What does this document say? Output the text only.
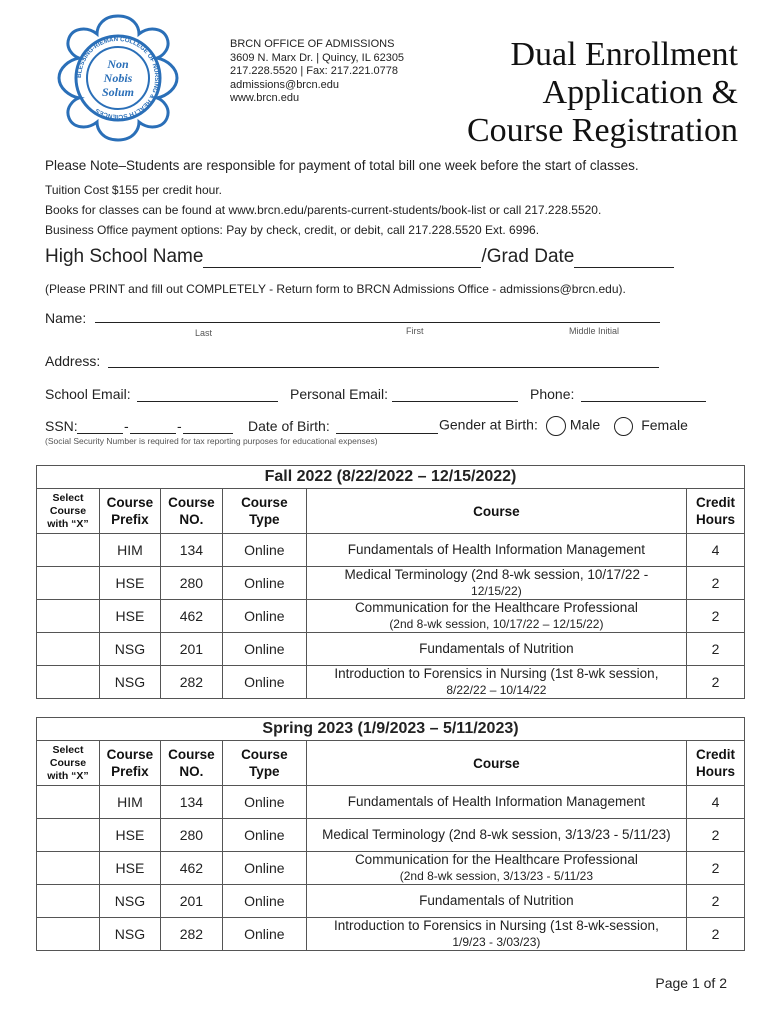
BLESSING-RIEMAN COLLEGE OF NURSING & HEALTH SCIENCES
Non
Nobis
Solum
BRCN OFFICE OF ADMISSIONS
3609 N. Marx Dr. | Quincy, IL 62305
217.228.5520 | Fax: 217.221.0778
admissions@brcn.edu
www.brcn.edu
Dual Enrollment
Application &
Course Registration
Please Note–Students are responsible for payment of total bill one week before the start of classes.
Tuition Cost $155 per credit hour.
Books for classes can be found at www.brcn.edu/parents-current-students/book-list or call 217.228.5520.
Business Office payment options: Pay by check, credit, or debit, call 217.228.5520 Ext. 6996.
High School Name	/Grad Date
(Please PRINT and fill out COMPLETELY - Return form to BRCN Admissions Office - admissions@brcn.edu).
Name:
Last	First	Middle Initial
Address:
School Email:	Personal Email:	Phone:
SSN:	-	-	Date of Birth:	Gender at Birth: Male	Female
(Social Security Number is required for tax reporting purposes for educational expenses)
Fall 2022 (8/22/2022 – 12/15/2022)					
Select Course with “X”	Course Prefix	Course NO.	Course Type	Course	Credit Hours
	HIM	134	Online	Fundamentals of Health Information Management	4
	HSE	280	Online	Medical Terminology (2nd 8-wk session, 10/17/22 -
12/15/22)	2
	HSE	462	Online	Communication for the Healthcare Professional
(2nd 8-wk session, 10/17/22 – 12/15/22)	2
	NSG	201	Online	Fundamentals of Nutrition	2
	NSG	282	Online	Introduction to Forensics in Nursing (1st 8-wk session,
8/22/22 – 10/14/22	2
Spring 2023 (1/9/2023 – 5/11/2023)					
Select Course with “X”	Course Prefix	Course NO.	Course Type	Course	Credit Hours
	HIM	134	Online	Fundamentals of Health Information Management	4
	HSE	280	Online	Medical Terminology (2nd 8-wk session, 3/13/23 - 5/11/23)	2
	HSE	462	Online	Communication for the Healthcare Professional
(2nd 8-wk session, 3/13/23 - 5/11/23	2
	NSG	201	Online	Fundamentals of Nutrition	2
	NSG	282	Online	Introduction to Forensics in Nursing (1st 8-wk-session,
1/9/23 - 3/03/23)	2
Page 1 of 2
